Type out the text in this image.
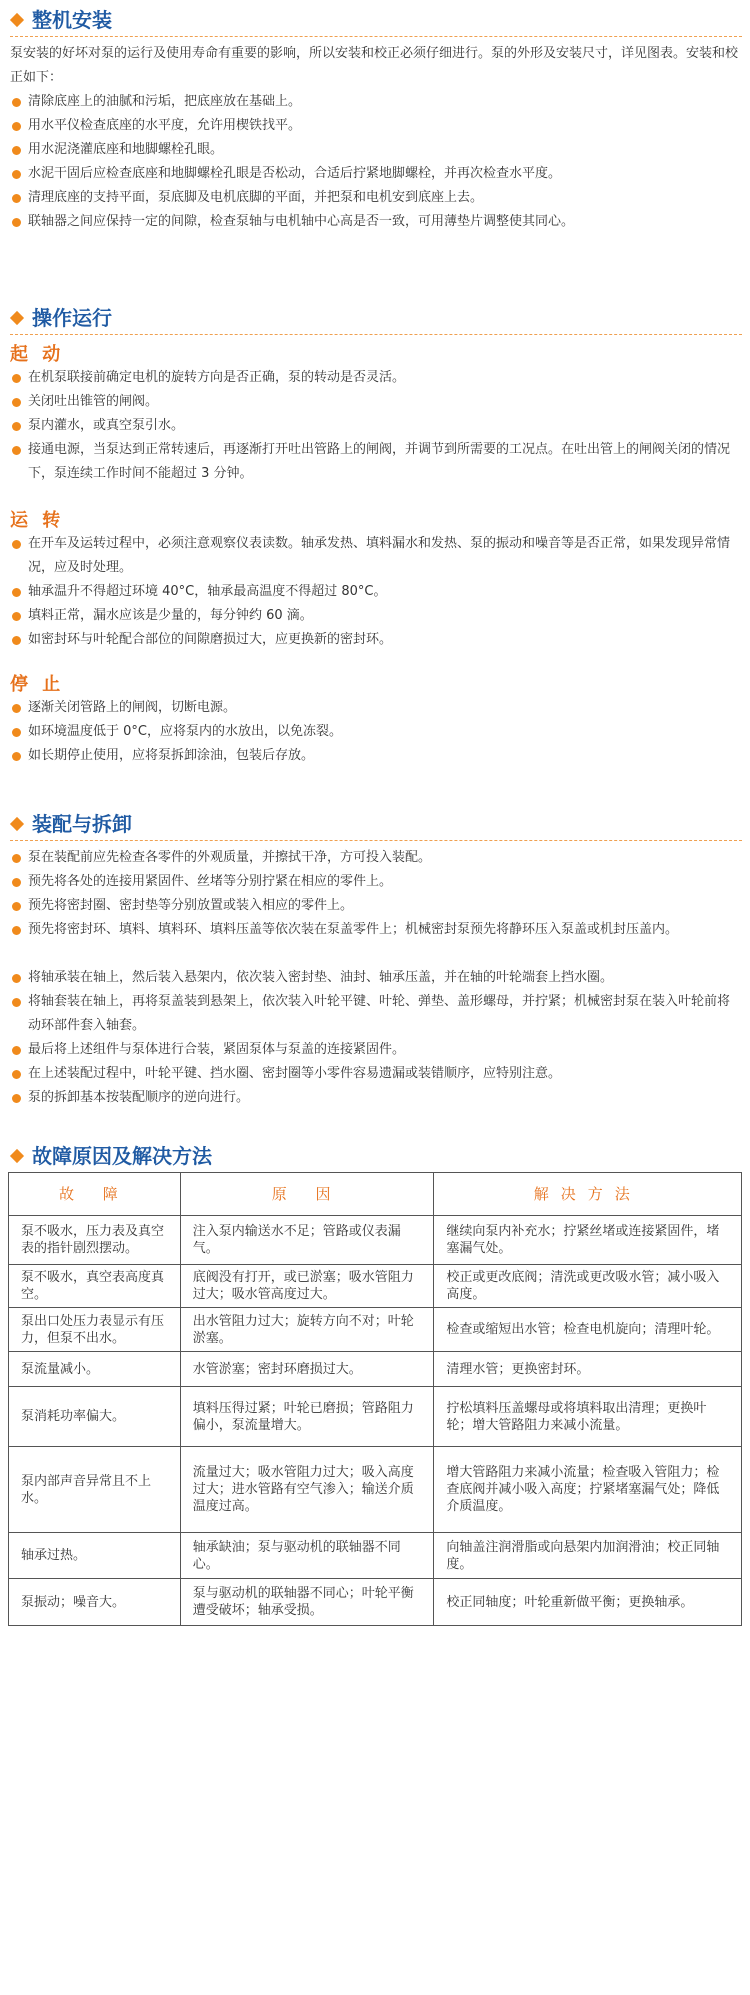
整机安装
泵安装的好坏对泵的运行及使用寿命有重要的影响，所以安装和校正必须仔细进行。泵的外形及安装尺寸，详见图表。安装和校正如下：
清除底座上的油腻和污垢，把底座放在基础上。
用水平仪检查底座的水平度，允许用楔铁找平。
用水泥浇灌底座和地脚螺栓孔眼。
水泥干固后应检查底座和地脚螺栓孔眼是否松动，合适后拧紧地脚螺栓，并再次检查水平度。
清理底座的支持平面，泵底脚及电机底脚的平面，并把泵和电机安到底座上去。
联轴器之间应保持一定的间隙，检查泵轴与电机轴中心高是否一致，可用薄垫片调整使其同心。
操作运行
起 动
在机泵联接前确定电机的旋转方向是否正确，泵的转动是否灵活。
关闭吐出锥管的闸阀。
泵内灌水，或真空泵引水。
接通电源，当泵达到正常转速后，再逐渐打开吐出管路上的闸阀，并调节到所需要的工况点。在吐出管上的闸阀关闭的情况下，泵连续工作时间不能超过 3 分钟。
运 转
在开车及运转过程中，必须注意观察仪表读数。轴承发热、填料漏水和发热、泵的振动和噪音等是否正常，如果发现异常情况，应及时处理。
轴承温升不得超过环境 40°C，轴承最高温度不得超过 80°C。
填料正常，漏水应该是少量的，每分钟约 60 滴。
如密封环与叶轮配合部位的间隙磨损过大，应更换新的密封环。
停 止
逐渐关闭管路上的闸阀，切断电源。
如环境温度低于 0°C，应将泵内的水放出，以免冻裂。
如长期停止使用，应将泵拆卸涂油，包装后存放。
装配与拆卸
泵在装配前应先检查各零件的外观质量，并擦拭干净，方可投入装配。
预先将各处的连接用紧固件、丝堵等分别拧紧在相应的零件上。
预先将密封圈、密封垫等分别放置或装入相应的零件上。
预先将密封环、填料、填料环、填料压盖等依次装在泵盖零件上；机械密封泵预先将静环压入泵盖或机封压盖内。
将轴承装在轴上，然后装入悬架内，依次装入密封垫、油封、轴承压盖，并在轴的叶轮端套上挡水圈。
将轴套装在轴上，再将泵盖装到悬架上，依次装入叶轮平键、叶轮、弹垫、盖形螺母，并拧紧；机械密封泵在装入叶轮前将动环部件套入轴套。
最后将上述组件与泵体进行合装，紧固泵体与泵盖的连接紧固件。
在上述装配过程中，叶轮平键、挡水圈、密封圈等小零件容易遗漏或装错顺序，应特别注意。
泵的拆卸基本按装配顺序的逆向进行。
故障原因及解决方法
故 障	原 因	解决方法
泵不吸水，压力表及真空表的指针剧烈摆动。	注入泵内输送水不足；管路或仪表漏气。	继续向泵内补充水；拧紧丝堵或连接紧固件，堵塞漏气处。
泵不吸水，真空表高度真空。	底阀没有打开，或已淤塞；吸水管阻力过大；吸水管高度过大。	校正或更改底阀；清洗或更改吸水管；减小吸入高度。
泵出口处压力表显示有压力，但泵不出水。	出水管阻力过大；旋转方向不对；叶轮淤塞。	检查或缩短出水管；检查电机旋向；清理叶轮。
泵流量减小。	水管淤塞；密封环磨损过大。	清理水管；更换密封环。
泵消耗功率偏大。	填料压得过紧；叶轮已磨损；管路阻力偏小，泵流量增大。	拧松填料压盖螺母或将填料取出清理；更换叶轮；增大管路阻力来减小流量。
泵内部声音异常且不上水。	流量过大；吸水管阻力过大；吸入高度过大；进水管路有空气渗入；输送介质温度过高。	增大管路阻力来减小流量；检查吸入管阻力；检查底阀并减小吸入高度；拧紧堵塞漏气处；降低介质温度。
轴承过热。	轴承缺油；泵与驱动机的联轴器不同心。	向轴盖注润滑脂或向悬架内加润滑油；校正同轴度。
泵振动；噪音大。	泵与驱动机的联轴器不同心；叶轮平衡遭受破坏；轴承受损。	校正同轴度；叶轮重新做平衡；更换轴承。
